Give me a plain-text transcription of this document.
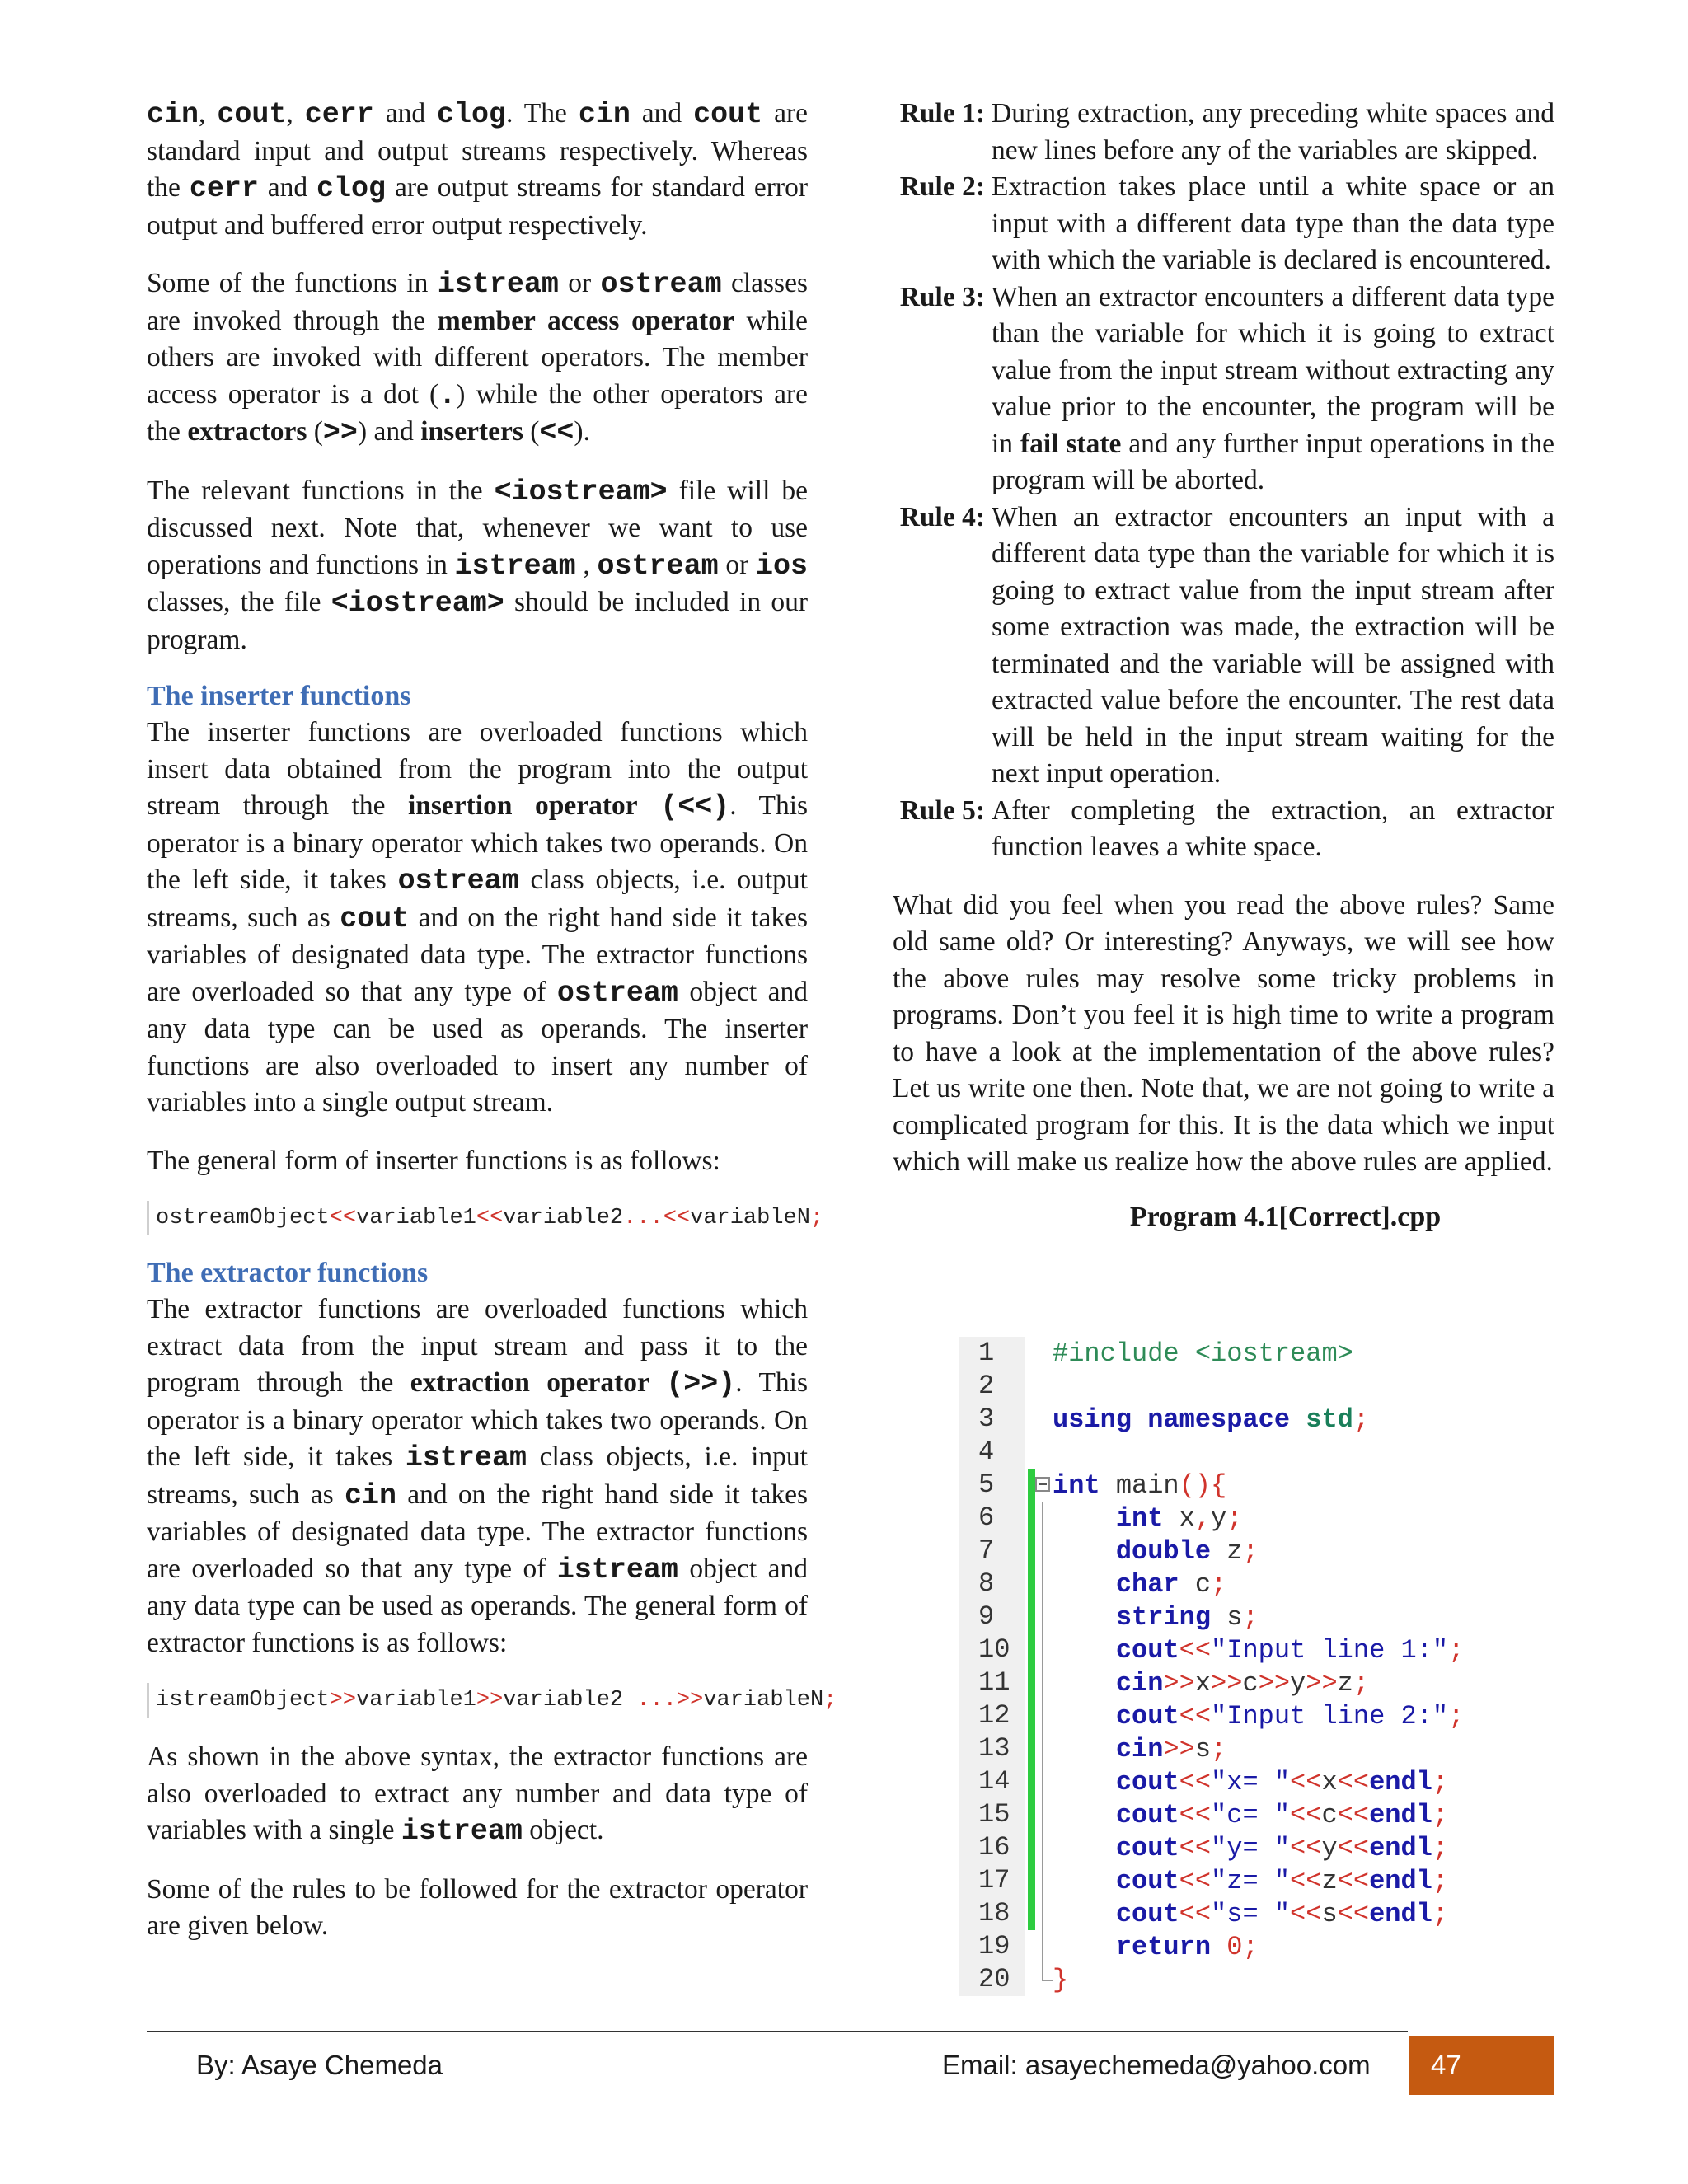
cin, cout, cerr and clog. The cin and cout are standard input and output streams respectively. Whereas the cerr and clog are output streams for standard error output and buffered error output respectively.

Some of the functions in istream or ostream classes are invoked through the member access operator while others are invoked with different operators. The member access operator is a dot (.) while the other operators are the extractors (>>) and inserters (<<).

The relevant functions in the <iostream> file will be discussed next. Note that, whenever we want to use operations and functions in istream , ostream or ios classes, the file <iostream> should be included in our program.

The inserter functions

The inserter functions are overloaded functions which insert data obtained from the program into the output stream through the insertion operator (<<). This operator is a binary operator which takes two operands. On the left side, it takes ostream class objects, i.e. output streams, such as cout and on the right hand side it takes variables of designated data type. The extractor functions are overloaded so that any type of ostream object and any data type can be used as operands. The inserter functions are also overloaded to insert any number of variables into a single output stream.

The general form of inserter functions is as follows:

ostreamObject<<variable1<<variable2...<<variableN;
The extractor functions

The extractor functions are overloaded functions which extract data from the input stream and pass it to the program through the extraction operator (>>). This operator is a binary operator which takes two operands. On the left side, it takes istream class objects, i.e. input streams, such as cin and on the right hand side it takes variables of designated data type. The extractor functions are overloaded so that any type of istream object and any data type can be used as operands. The general form of extractor functions is as follows:

istreamObject>>variable1>>variable2 ...>>variableN;

As shown in the above syntax, the extractor functions are also overloaded to extract any number and data type of variables with a single istream object.

Some of the rules to be followed for the extractor operator are given below.

Rule 1: During extraction, any preceding white spaces and new lines before any of the variables are skipped.
Rule 2: Extraction takes place until a white space or an input with a different data type than the data type with which the variable is declared is encountered.
Rule 3: When an extractor encounters a different data type than the variable for which it is going to extract value from the input stream without extracting any value prior to the encounter, the program will be in fail state and any further input operations in the program will be aborted.
Rule 4: When an extractor encounters an input with a different data type than the variable for which it is going to extract value from the input stream after some extraction was made, the extraction will be terminated and the variable will be assigned with extracted value before the encounter. The rest data will be held in the input stream waiting for the next input operation.
Rule 5: After completing the extraction, an extractor function leaves a white space.

What did you feel when you read the above rules? Same old same old? Or interesting? Anyways, we will see how the above rules may resolve some tricky problems in programs. Don’t you feel it is high time to write a program to have a look at the implementation of the above rules? Let us write one then. Note that, we are not going to write a complicated program for this. It is the data which we input which will make us realize how the above rules are applied.

Program 4.1[Correct].cpp
1	#include <iostream>
2
3	using namespace std;
4
5	int main(){
6	int x,y;
7	double z;
8	char c;
9	string s;
10	cout<<"Input line 1:";
11	cin>>x>>c>>y>>z;
12	cout<<"Input line 2:";
13	cin>>s;
14	cout<<"x= "<<x<<endl;
15	cout<<"c= "<<c<<endl;
16	cout<<"y= "<<y<<endl;
17	cout<<"z= "<<z<<endl;
18	cout<<"s= "<<s<<endl;
19	return 0;
20	}
By: Asaye Chemeda	Email: asayechemeda@yahoo.com	47
